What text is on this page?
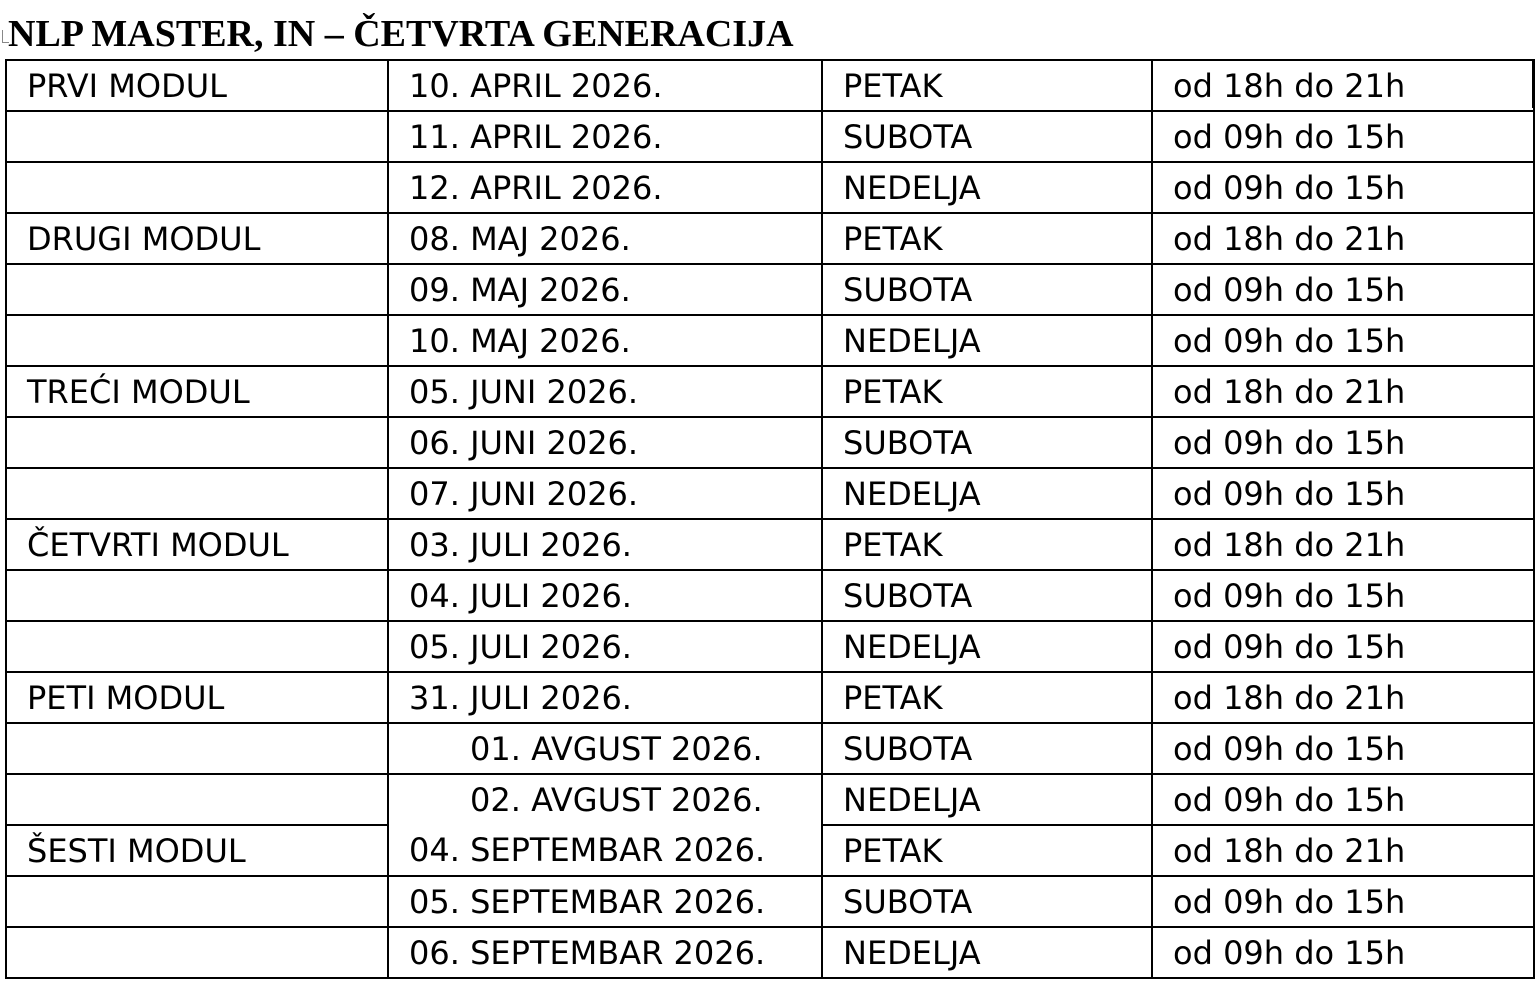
NLP MASTER, IN – ČETVRTA GENERACIJA
PRVI MODUL	10. APRIL 2026.	PETAK	od 18h do 21h
	11. APRIL 2026.	SUBOTA	od 09h do 15h
	12. APRIL 2026.	NEDELJA	od 09h do 15h
DRUGI MODUL	08. MAJ 2026.	PETAK	od 18h do 21h
	09. MAJ 2026.	SUBOTA	od 09h do 15h
	10. MAJ 2026.	NEDELJA	od 09h do 15h
TREĆI MODUL	05. JUNI 2026.	PETAK	od 18h do 21h
	06. JUNI 2026.	SUBOTA	od 09h do 15h
	07. JUNI 2026.	NEDELJA	od 09h do 15h
ČETVRTI MODUL	03. JULI 2026.	PETAK	od 18h do 21h
	04. JULI 2026.	SUBOTA	od 09h do 15h
	05. JULI 2026.	NEDELJA	od 09h do 15h
PETI MODUL	31. JULI 2026.	PETAK	od 18h do 21h
	01. AVGUST 2026.	SUBOTA	od 09h do 15h
	02. AVGUST 2026.	NEDELJA	od 09h do 15h
ŠESTI MODUL	04. SEPTEMBAR 2026.	PETAK	od 18h do 21h
	05. SEPTEMBAR 2026.	SUBOTA	od 09h do 15h
	06. SEPTEMBAR 2026.	NEDELJA	od 09h do 15h
